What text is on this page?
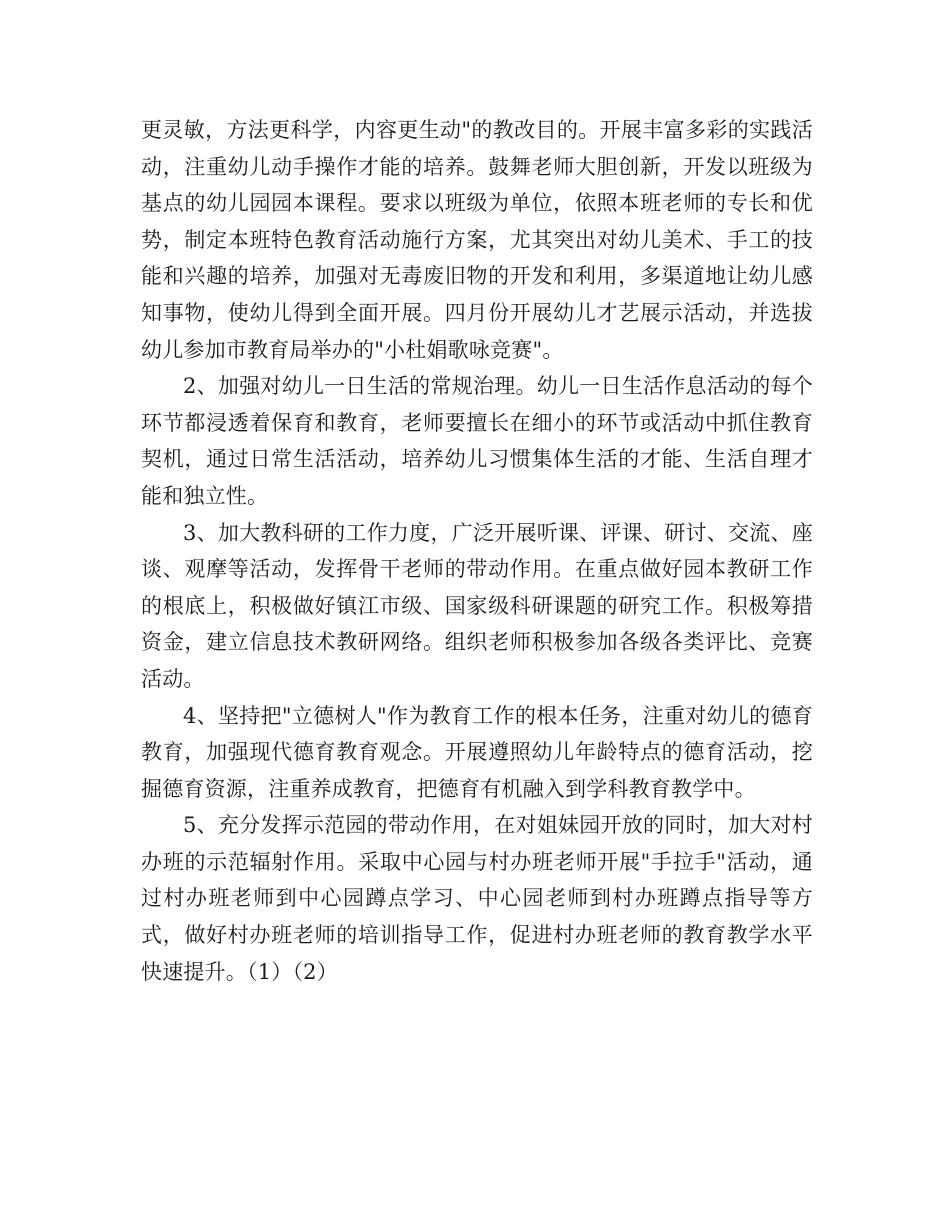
更灵敏，方法更科学，内容更生动"的教改目的。开展丰富多彩的实践活动，注重幼儿动手操作才能的培养。鼓舞老师大胆创新，开发以班级为基点的幼儿园园本课程。要求以班级为单位，依照本班老师的专长和优势，制定本班特色教育活动施行方案，尤其突出对幼儿美术、手工的技能和兴趣的培养，加强对无毒废旧物的开发和利用，多渠道地让幼儿感知事物，使幼儿得到全面开展。四月份开展幼儿才艺展示活动，并选拔幼儿参加市教育局举办的"小杜娟歌咏竞赛"。

2、加强对幼儿一日生活的常规治理。幼儿一日生活作息活动的每个环节都浸透着保育和教育，老师要擅长在细小的环节或活动中抓住教育契机，通过日常生活活动，培养幼儿习惯集体生活的才能、生活自理才能和独立性。

3、加大教科研的工作力度，广泛开展听课、评课、研讨、交流、座谈、观摩等活动，发挥骨干老师的带动作用。在重点做好园本教研工作的根底上，积极做好镇江市级、国家级科研课题的研究工作。积极筹措资金，建立信息技术教研网络。组织老师积极参加各级各类评比、竞赛活动。

4、坚持把"立德树人"作为教育工作的根本任务，注重对幼儿的德育教育，加强现代德育教育观念。开展遵照幼儿年龄特点的德育活动，挖掘德育资源，注重养成教育，把德育有机融入到学科教育教学中。

5、充分发挥示范园的带动作用，在对姐妹园开放的同时，加大对村办班的示范辐射作用。采取中心园与村办班老师开展"手拉手"活动，通过村办班老师到中心园蹲点学习、中心园老师到村办班蹲点指导等方式，做好村办班老师的培训指导工作，促进村办班老师的教育教学水平快速提升。（1）（2）
